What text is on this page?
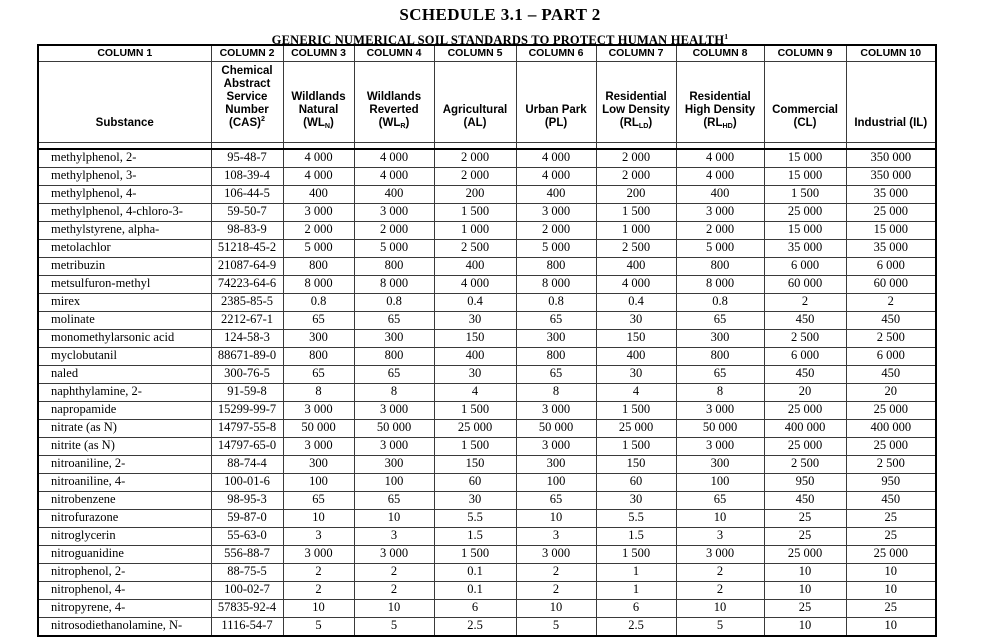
SCHEDULE 3.1 – PART 2
GENERIC NUMERICAL SOIL STANDARDS TO PROTECT HUMAN HEALTH$^1$
COLUMN 1	COLUMN 2	COLUMN 3	COLUMN 4	COLUMN 5	COLUMN 6	COLUMN 7	COLUMN 8	COLUMN 9	COLUMN 10
Substance	Chemical Abstract Service Number (CAS)$^2$	Wildlands Natural $(WL_N)$	Wildlands Reverted $(WL_R)$	Agricultural (AL)	Urban Park (PL)	Residential Low Density $(RL_{LD})$	Residential High Density $(RL_{HD})$	Commercial (CL)	Industrial (IL)

methylphenol, 2-	95-48-7	4 000	4 000	2 000	4 000	2 000	4 000	15 000	350 000
methylphenol, 3-	108-39-4	4 000	4 000	2 000	4 000	2 000	4 000	15 000	350 000
methylphenol, 4-	106-44-5	400	400	200	400	200	400	1 500	35 000
methylphenol, 4-chloro-3-	59-50-7	3 000	3 000	1 500	3 000	1 500	3 000	25 000	25 000
methylstyrene, alpha-	98-83-9	2 000	2 000	1 000	2 000	1 000	2 000	15 000	15 000
metolachlor	51218-45-2	5 000	5 000	2 500	5 000	2 500	5 000	35 000	35 000
metribuzin	21087-64-9	800	800	400	800	400	800	6 000	6 000
metsulfuron-methyl	74223-64-6	8 000	8 000	4 000	8 000	4 000	8 000	60 000	60 000
mirex	2385-85-5	0.8	0.8	0.4	0.8	0.4	0.8	2	2
molinate	2212-67-1	65	65	30	65	30	65	450	450
monomethylarsonic acid	124-58-3	300	300	150	300	150	300	2 500	2 500
myclobutanil	88671-89-0	800	800	400	800	400	800	6 000	6 000
naled	300-76-5	65	65	30	65	30	65	450	450
naphthylamine, 2-	91-59-8	8	8	4	8	4	8	20	20
napropamide	15299-99-7	3 000	3 000	1 500	3 000	1 500	3 000	25 000	25 000
nitrate (as N)	14797-55-8	50 000	50 000	25 000	50 000	25 000	50 000	400 000	400 000
nitrite (as N)	14797-65-0	3 000	3 000	1 500	3 000	1 500	3 000	25 000	25 000
nitroaniline, 2-	88-74-4	300	300	150	300	150	300	2 500	2 500
nitroaniline, 4-	100-01-6	100	100	60	100	60	100	950	950
nitrobenzene	98-95-3	65	65	30	65	30	65	450	450
nitrofurazone	59-87-0	10	10	5.5	10	5.5	10	25	25
nitroglycerin	55-63-0	3	3	1.5	3	1.5	3	25	25
nitroguanidine	556-88-7	3 000	3 000	1 500	3 000	1 500	3 000	25 000	25 000
nitrophenol, 2-	88-75-5	2	2	0.1	2	1	2	10	10
nitrophenol, 4-	100-02-7	2	2	0.1	2	1	2	10	10
nitropyrene, 4-	57835-92-4	10	10	6	10	6	10	25	25
nitrosodiethanolamine, N-	1116-54-7	5	5	2.5	5	2.5	5	10	10
